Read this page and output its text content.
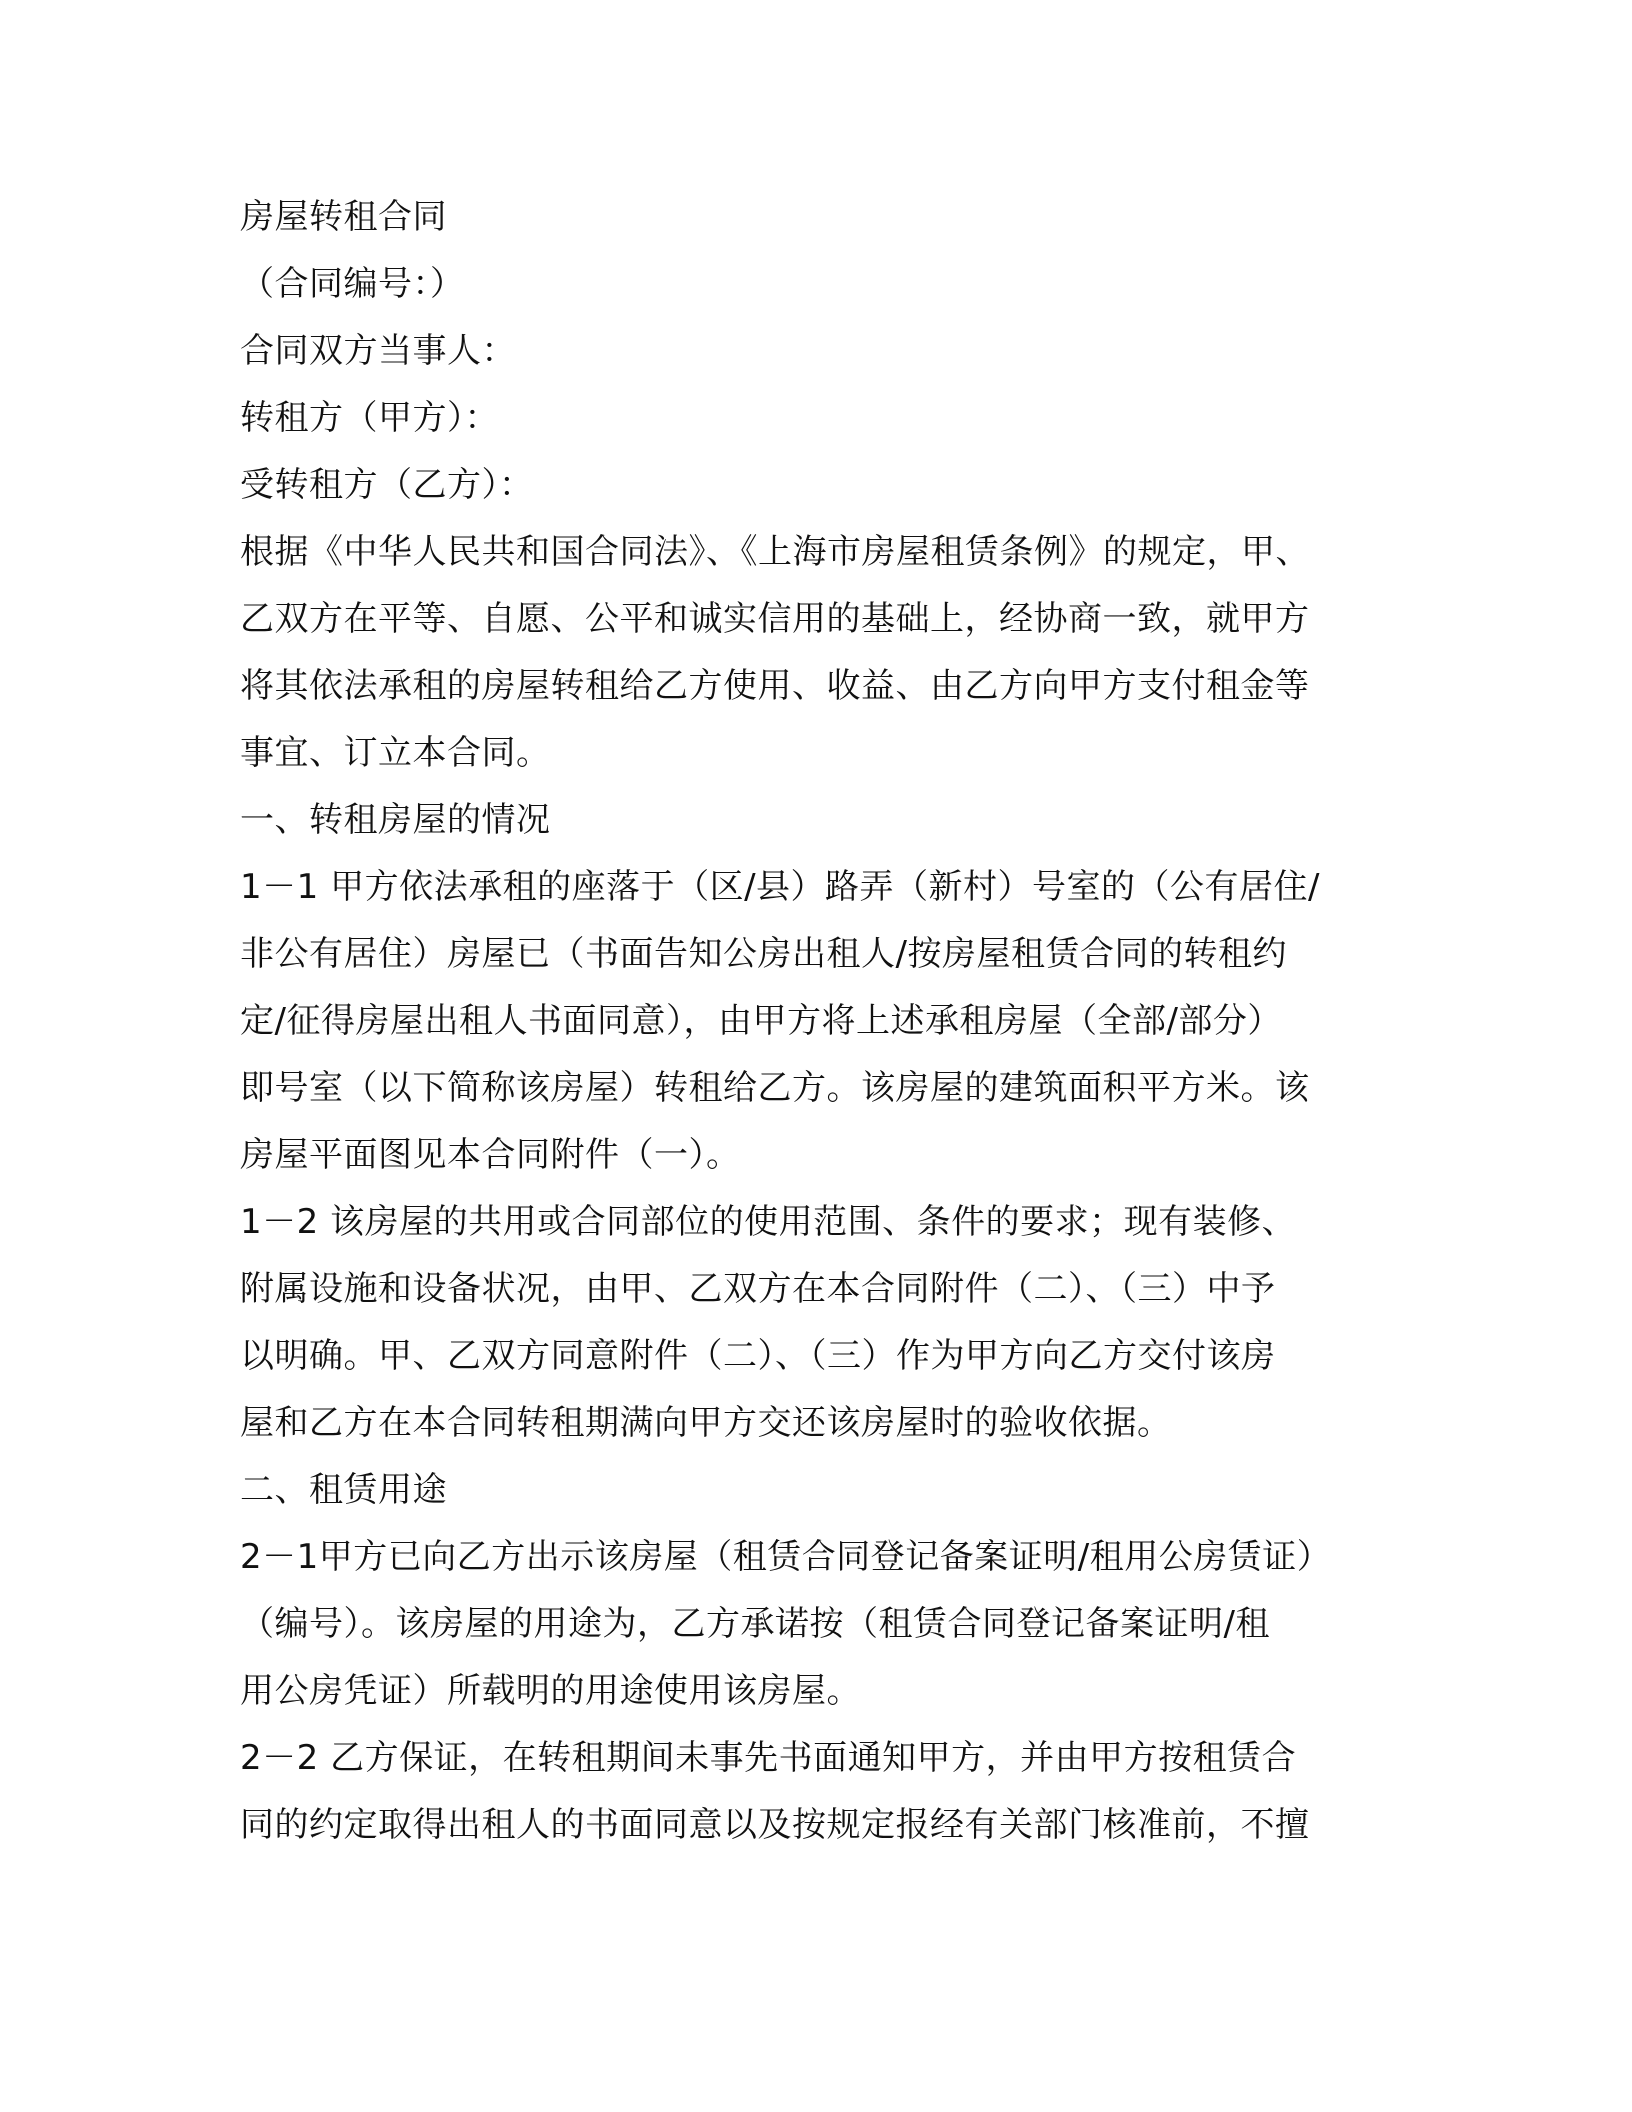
房屋转租合同
（合同编号：）
合同双方当事人：
转租方（甲方）：
受转租方（乙方）：
根据《中华人民共和国合同法》、《上海市房屋租赁条例》的规定，甲、
乙双方在平等、自愿、公平和诚实信用的基础上，经协商一致，就甲方
将其依法承租的房屋转租给乙方使用、收益、由乙方向甲方支付租金等
事宜、订立本合同。
一、转租房屋的情况
1－1 甲方依法承租的座落于（区/县）路弄（新村）号室的（公有居住/
非公有居住）房屋已（书面告知公房出租人/按房屋租赁合同的转租约
定/征得房屋出租人书面同意），由甲方将上述承租房屋（全部/部分）
即号室（以下简称该房屋）转租给乙方。该房屋的建筑面积平方米。该
房屋平面图见本合同附件（一）。
1－2 该房屋的共用或合同部位的使用范围、条件的要求；现有装修、
附属设施和设备状况，由甲、乙双方在本合同附件（二）、（三）中予
以明确。甲、乙双方同意附件（二）、（三）作为甲方向乙方交付该房
屋和乙方在本合同转租期满向甲方交还该房屋时的验收依据。
二、租赁用途
2－1甲方已向乙方出示该房屋（租赁合同登记备案证明/租用公房赁证）
（编号）。该房屋的用途为，乙方承诺按（租赁合同登记备案证明/租
用公房凭证）所载明的用途使用该房屋。
2－2 乙方保证，在转租期间未事先书面通知甲方，并由甲方按租赁合
同的约定取得出租人的书面同意以及按规定报经有关部门核准前，不擅
